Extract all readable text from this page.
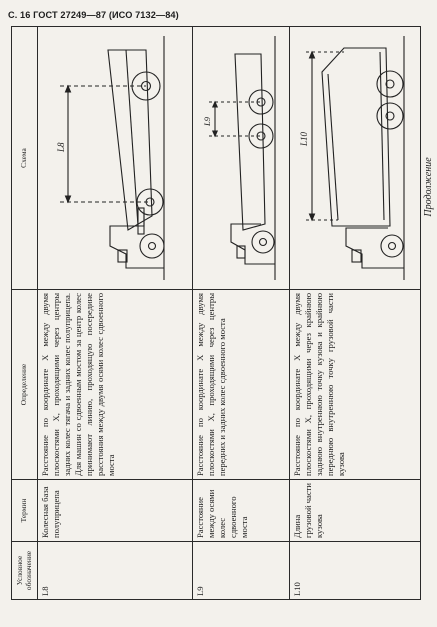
С. 16 ГОСТ 27249—87 (ИСО 7132—84)
Продолжение
Условное обозначение	Термин	Определение	Схема
L8	Колесная база полуприцепа	Расстояние по координате X между двумя плоскостями X, проходящими через центры задних колес тягача и задних колес полуприцепа. Для машин со сдвоенным мостом за центр колес принимают линию, проходящую посередине расстояния между двумя осями колес сдвоенного моста	L8

L9	Расстояние между осями колес сдвоенного моста	Расстояние по координате X между двумя плоскостями X, проходящими через центры передних и задних колес сдвоенного моста	L9

L10	Длина грузовой части кузова	Расстояние по координате X между двумя плоскостями X, проходящими через крайнюю заднюю внутреннюю точку кузова и крайнюю переднюю внутреннюю точку грузовой части кузова	L10
